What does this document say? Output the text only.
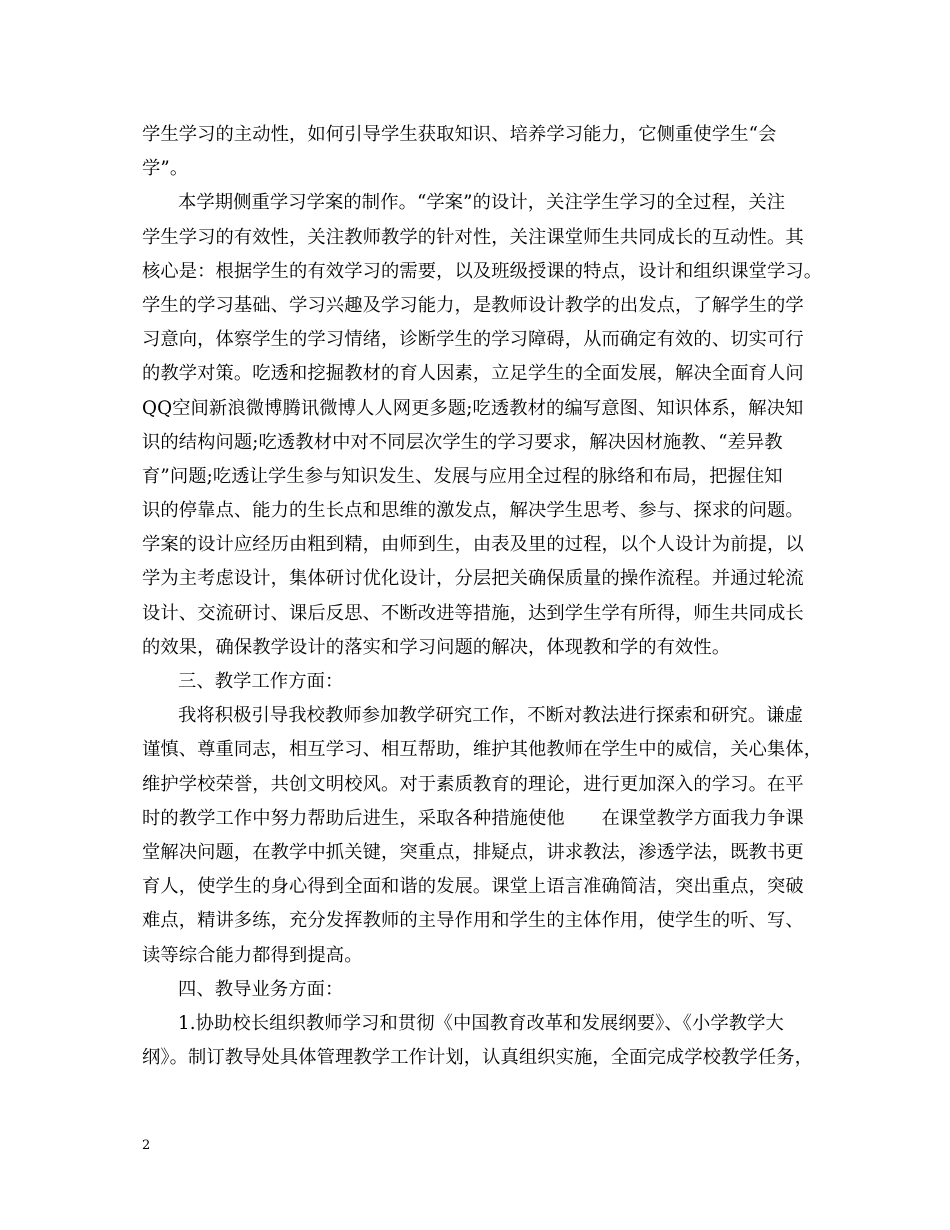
学生学习的主动性，如何引导学生获取知识、培养学习能力，它侧重使学生“会
学”。
本学期侧重学习学案的制作。“学案”的设计，关注学生学习的全过程，关注
学生学习的有效性，关注教师教学的针对性，关注课堂师生共同成长的互动性。其
核心是：根据学生的有效学习的需要，以及班级授课的特点，设计和组织课堂学习。
学生的学习基础、学习兴趣及学习能力，是教师设计教学的出发点，了解学生的学
习意向，体察学生的学习情绪，诊断学生的学习障碍，从而确定有效的、切实可行
的教学对策。吃透和挖掘教材的育人因素，立足学生的全面发展，解决全面育人问
QQ空间新浪微博腾讯微博人人网更多题;吃透教材的编写意图、知识体系，解决知
识的结构问题;吃透教材中对不同层次学生的学习要求，解决因材施教、“差异教
育”问题;吃透让学生参与知识发生、发展与应用全过程的脉络和布局，把握住知
识的停靠点、能力的生长点和思维的激发点，解决学生思考、参与、探求的问题。
学案的设计应经历由粗到精，由师到生，由表及里的过程，以个人设计为前提，以
学为主考虑设计，集体研讨优化设计，分层把关确保质量的操作流程。并通过轮流
设计、交流研讨、课后反思、不断改进等措施，达到学生学有所得，师生共同成长
的效果，确保教学设计的落实和学习问题的解决，体现教和学的有效性。
三、教学工作方面：
我将积极引导我校教师参加教学研究工作，不断对教法进行探索和研究。谦虚
谨慎、尊重同志，相互学习、相互帮助，维护其他教师在学生中的威信，关心集体，
维护学校荣誉，共创文明校风。对于素质教育的理论，进行更加深入的学习。在平
时的教学工作中努力帮助后进生，采取各种措施使他　　在课堂教学方面我力争课
堂解决问题，在教学中抓关键，突重点，排疑点，讲求教法，渗透学法，既教书更
育人，使学生的身心得到全面和谐的发展。课堂上语言准确简洁，突出重点，突破
难点，精讲多练，充分发挥教师的主导作用和学生的主体作用，使学生的听、写、
读等综合能力都得到提高。
四、教导业务方面：
1.协助校长组织教师学习和贯彻《中国教育改革和发展纲要》、《小学教学大
纲》。制订教导处具体管理教学工作计划，认真组织实施，全面完成学校教学任务，
2
